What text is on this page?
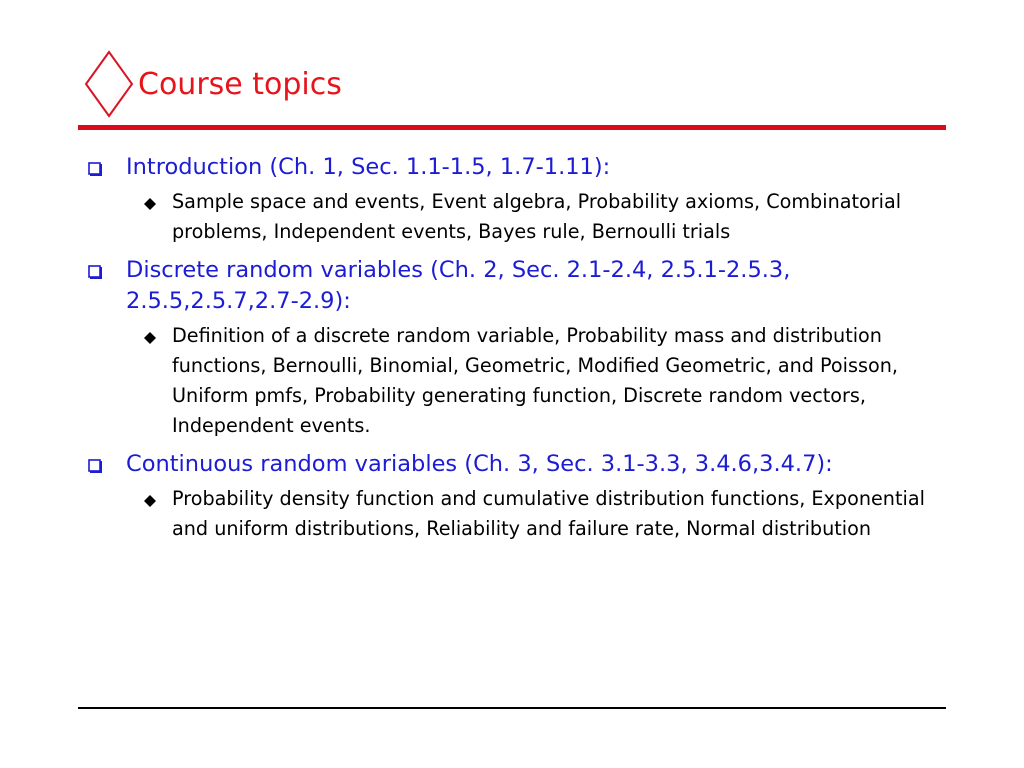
Course topics

Introduction (Ch. 1, Sec. 1.1-1.5, 1.7-1.11):

Sample space and events, Event algebra, Probability axioms, Combinatorial problems, Independent events, Bayes rule, Bernoulli trials

Discrete random variables (Ch. 2, Sec. 2.1-2.4, 2.5.1-2.5.3, 2.5.5,2.5.7,2.7-2.9):

Definition of a discrete random variable, Probability mass and distribution functions, Bernoulli, Binomial, Geometric, Modified Geometric, and Poisson, Uniform pmfs, Probability generating function, Discrete random vectors, Independent events.

Continuous random variables (Ch. 3, Sec. 3.1-3.3, 3.4.6,3.4.7):

Probability density function and cumulative distribution functions, Exponential and uniform distributions, Reliability and failure rate, Normal distribution
